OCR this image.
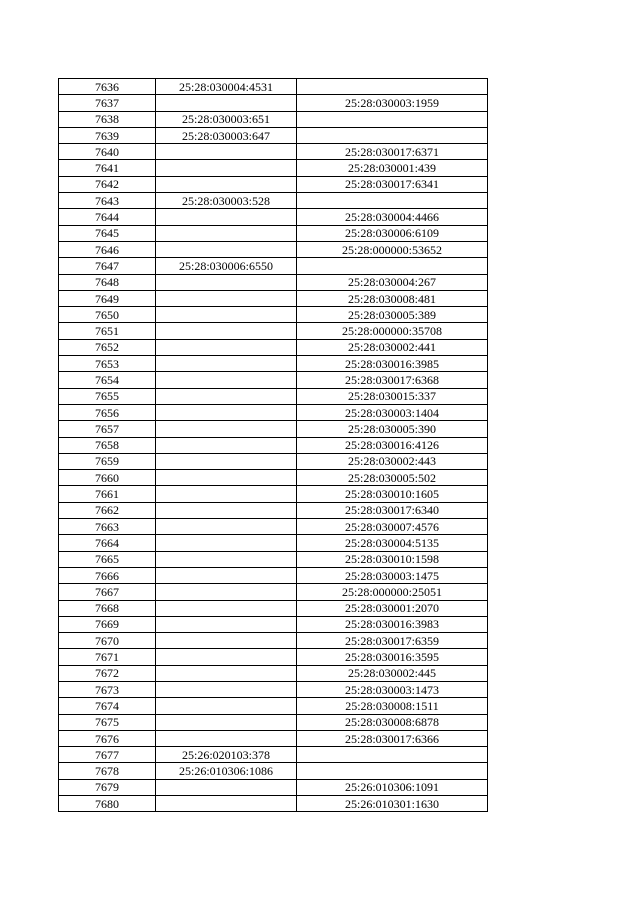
7636	25:28:030004:4531	
7637		25:28:030003:1959
7638	25:28:030003:651	
7639	25:28:030003:647	
7640		25:28:030017:6371
7641		25:28:030001:439
7642		25:28:030017:6341
7643	25:28:030003:528	
7644		25:28:030004:4466
7645		25:28:030006:6109
7646		25:28:000000:53652
7647	25:28:030006:6550	
7648		25:28:030004:267
7649		25:28:030008:481
7650		25:28:030005:389
7651		25:28:000000:35708
7652		25:28:030002:441
7653		25:28:030016:3985
7654		25:28:030017:6368
7655		25:28:030015:337
7656		25:28:030003:1404
7657		25:28:030005:390
7658		25:28:030016:4126
7659		25:28:030002:443
7660		25:28:030005:502
7661		25:28:030010:1605
7662		25:28:030017:6340
7663		25:28:030007:4576
7664		25:28:030004:5135
7665		25:28:030010:1598
7666		25:28:030003:1475
7667		25:28:000000:25051
7668		25:28:030001:2070
7669		25:28:030016:3983
7670		25:28:030017:6359
7671		25:28:030016:3595
7672		25:28:030002:445
7673		25:28:030003:1473
7674		25:28:030008:1511
7675		25:28:030008:6878
7676		25:28:030017:6366
7677	25:26:020103:378	
7678	25:26:010306:1086	
7679		25:26:010306:1091
7680		25:26:010301:1630
